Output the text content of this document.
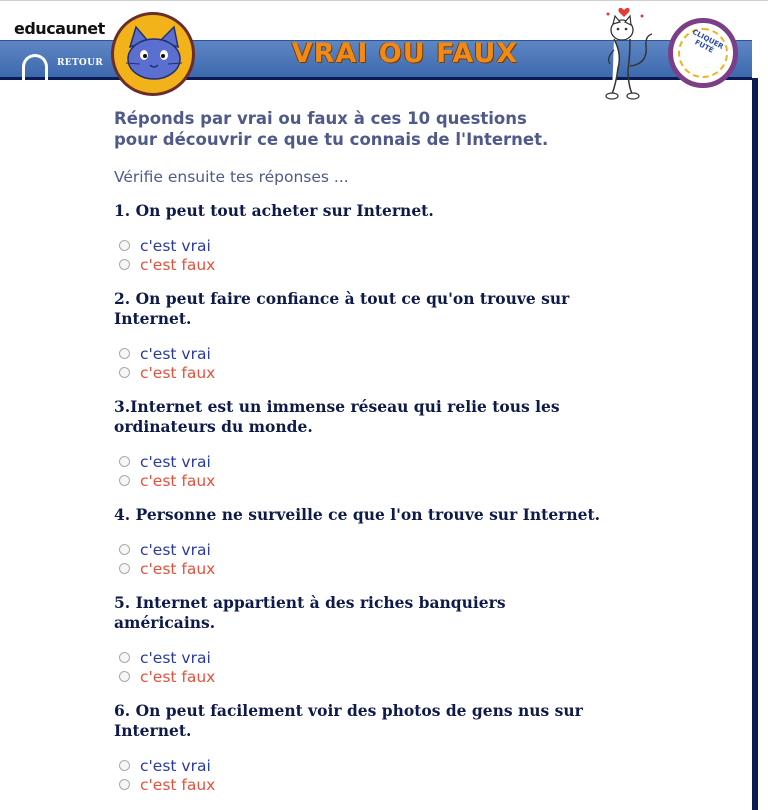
educaunet
RETOUR	VRAI OU FAUX	CLIQUER FUTÉ

Réponds par vrai ou faux à ces 10 questions
pour découvrir ce que tu connais de l'Internet.

Vérifie ensuite tes réponses ...

1. On peut tout acheter sur Internet.

c'est vrai
c'est faux

2. On peut faire confiance à tout ce qu'on trouve sur
Internet.

c'est vrai
c'est faux

3.Internet est un immense réseau qui relie tous les
ordinateurs du monde.

c'est vrai
c'est faux

4. Personne ne surveille ce que l'on trouve sur Internet.

c'est vrai
c'est faux

5. Internet appartient à des riches banquiers
américains.

c'est vrai
c'est faux

6. On peut facilement voir des photos de gens nus sur
Internet.

c'est vrai
c'est faux
